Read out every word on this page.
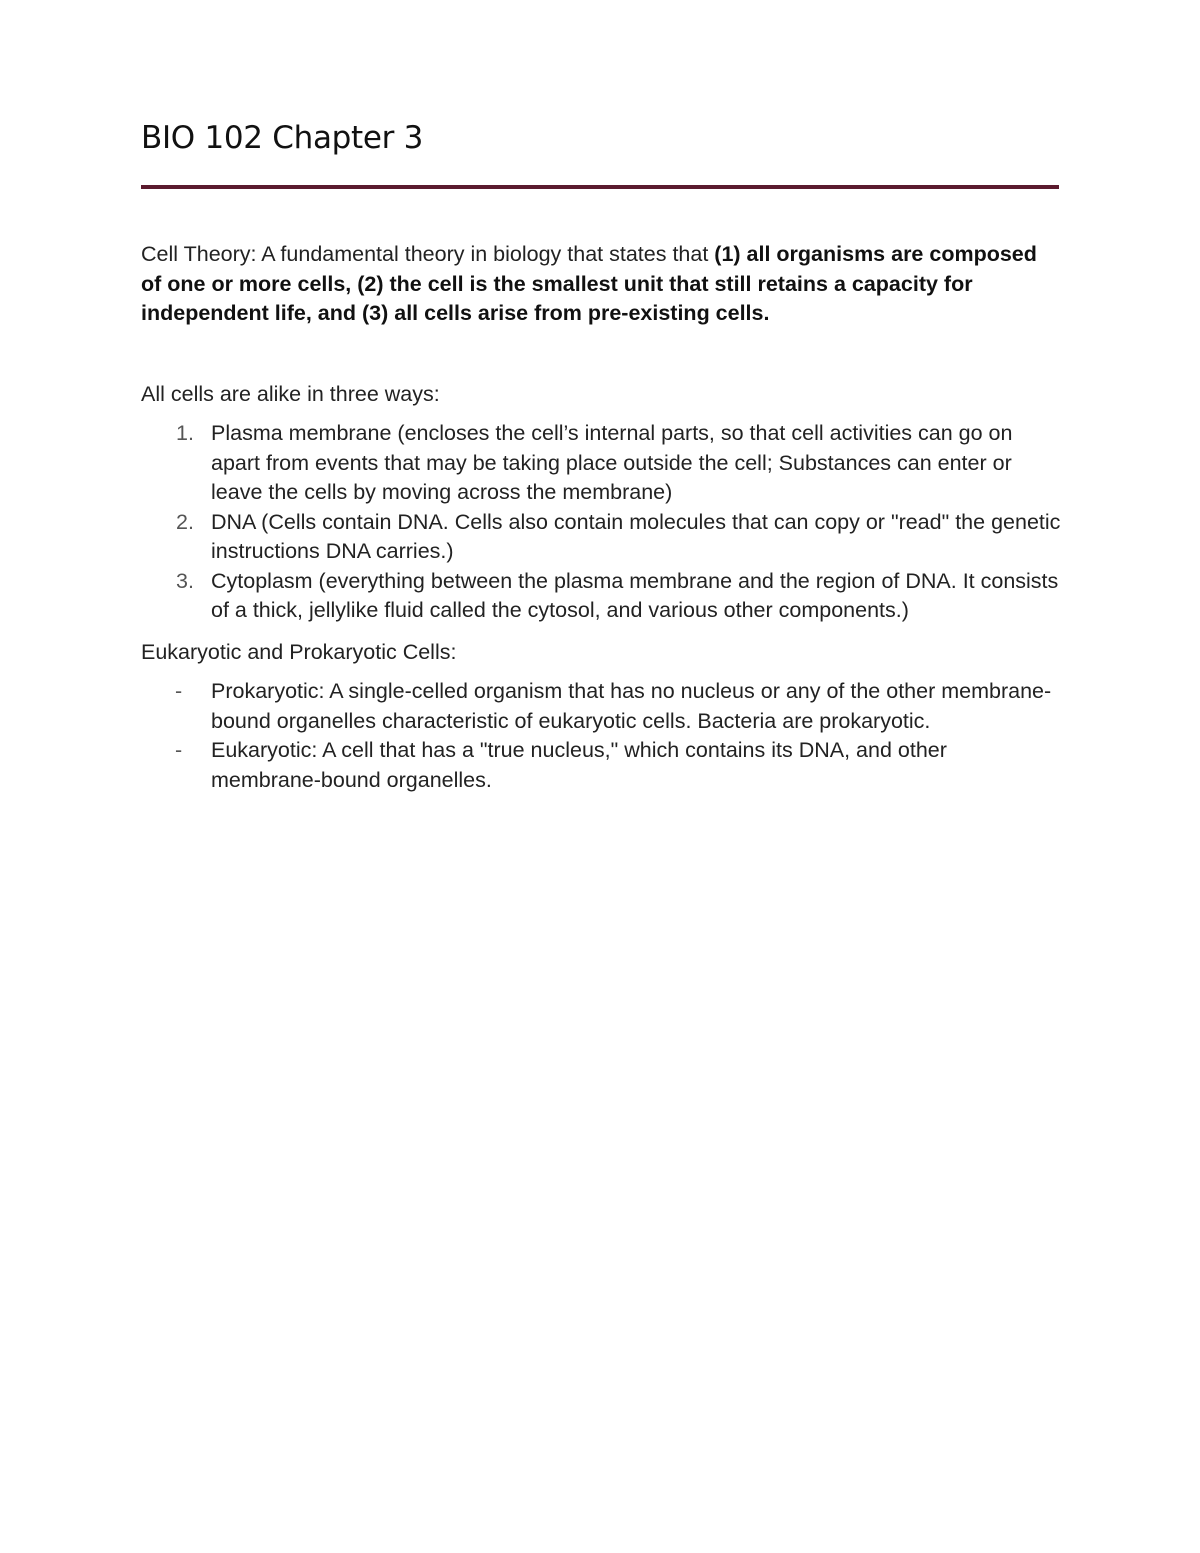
BIO 102 Chapter 3

Cell Theory: A fundamental theory in biology that states that (1) all organisms are composed of one or more cells, (2) the cell is the smallest unit that still retains a capacity for independent life, and (3) all cells arise from pre-existing cells.

All cells are alike in three ways:

1. Plasma membrane (encloses the cell’s internal parts, so that cell activities can go on apart from events that may be taking place outside the cell; Substances can enter or leave the cells by moving across the membrane)
2. DNA (Cells contain DNA. Cells also contain molecules that can copy or "read" the genetic instructions DNA carries.)
3. Cytoplasm (everything between the plasma membrane and the region of DNA. It consists of a thick, jellylike fluid called the cytosol, and various other components.)

Eukaryotic and Prokaryotic Cells:

- Prokaryotic: A single-celled organism that has no nucleus or any of the other membrane-bound organelles characteristic of eukaryotic cells. Bacteria are prokaryotic.
- Eukaryotic: A cell that has a "true nucleus," which contains its DNA, and other membrane-bound organelles.
